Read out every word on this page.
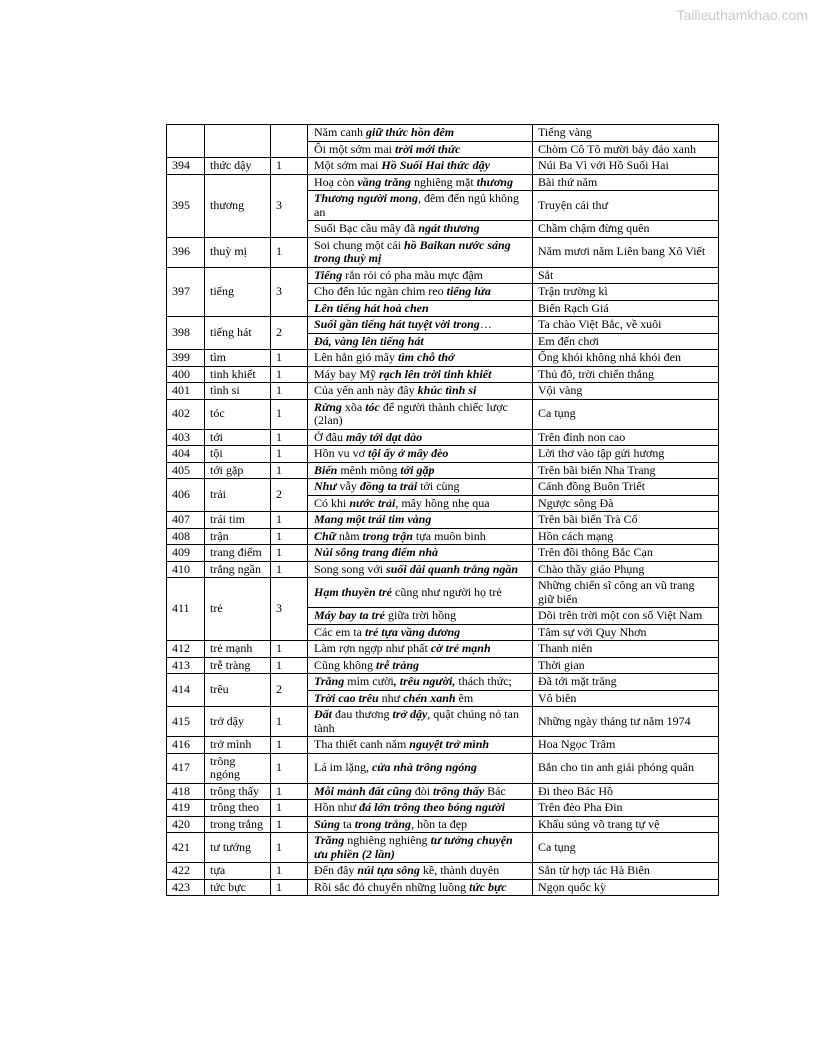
Tailieuthamkhao.com
			Năm canh giữ thức hồn đêm	Tiếng vàng
			Ôi một sớm mai trời mới thức	Chòm Cô Tô mười bảy đảo xanh
394	thức dậy	1	Một sớm mai Hồ Suối Hai thức dậy	Núi Ba Vì với Hồ Suối Hai
395	thương	3	Hoạ còn vầng trăng nghiêng mặt thương	Bài thứ năm
			Thương người mong, đêm đến ngủ không an	Truyện cái thư
			Suối Bạc cầu mây đã ngát thương	Chầm chậm đừng quên
396	thuỳ mị	1	Soi chung một cái hồ Baikan nước sáng trong thuỳ mị	Năm mươi năm Liên bang Xô Viết
397	tiếng	3	Tiếng rắn rỏi có pha màu mực đậm	Sắt
			Cho đến lúc ngàn chim reo tiếng lửa	Trận trường kì
			Lên tiếng hát hoà chen	Biển Rạch Giá
398	tiếng hát	2	Suối gần tiếng hát tuyệt vời trong…	Ta chào Việt Bắc, về xuôi
			Đá, vàng lên tiếng hát	Em đến chơi
399	tìm	1	Lên hẳn gió mây tìm chỗ thở	Ống khói không nhả khói đen
400	tinh khiết	1	Máy bay Mỹ rạch lên trời tinh khiết	Thủ đô, trời chiến thắng
401	tình si	1	Của yến anh này đây khúc tình si	Vội vàng
402	tóc	1	Rừng xõa tóc để người thành chiếc lược (2lan)	Ca tụng
403	tới	1	Ở đâu mây tới dạt dào	Trên đỉnh non cao
404	tội	1	Hồn vu vơ tội ấy ở mây đèo	Lời thơ vào tập gửi hương
405	tới gặp	1	Biển mênh mông tới gặp	Trên bãi biển Nha Trang
406	trải	2	Như vẫy đồng ta trải tới cùng	Cánh đồng Buôn Triết
			Có khi nước trải, mây hồng nhẹ qua	Ngược sông Đà
407	trái tim	1	Mang một trái tim vàng	Trên bãi biển Trà Cổ
408	trận	1	Chữ nằm trong trận tựa muôn binh	Hồn cách mạng
409	trang điểm	1	Núi sông trang điểm nhà	Trên đồi thông Bắc Cạn
410	trắng ngần	1	Song song với suối dài quanh trắng ngần	Chào thầy giáo Phụng
411	trẻ	3	Hạm thuyền trẻ cũng như người họ trẻ	Những chiến sĩ công an vũ trang giữ biển
			Máy bay ta trẻ giữa trời hồng	Dõi trên trời một con số Việt Nam
			Các em ta trẻ tựa vầng dương	Tâm sự với Quy Nhơn
412	trẻ mạnh	1	Làm rợn ngợp như phất cờ trẻ mạnh	Thanh niên
413	trễ tràng	1	Cũng không trễ tràng	Thời gian
414	trêu	2	Trăng mỉm cười, trêu người, thách thức;	Đã tới mặt trăng
			Trời cao trêu như chén xanh êm	Vô biên
415	trở dậy	1	Đất đau thương trở dậy, quật chúng nó tan tành	Những ngày tháng tư năm 1974
416	trở mình	1	Tha thiết canh năm nguyệt trở mình	Hoa Ngọc Trâm
417	trông ngóng	1	Lá im lặng, cửa nhà trông ngóng	Bắn cho tin anh giải phóng quân
418	trông thấy	1	Mỗi mảnh đất cũng đòi trông thấy Bác	Đi theo Bác Hồ
419	trông theo	1	Hồn như đá lớn trông theo bóng người	Trên đèo Pha Đin
420	trong trắng	1	Súng ta trong trắng, hồn ta đẹp	Khẩu súng võ trang tự vệ
421	tư tưởng	1	Trăng nghiêng nghiêng tư tưởng chuyện ưu phiền (2 lần)	Ca tụng
422	tựa	1	Đến đây núi tựa sông kề, thành duyên	Sắn từ hợp tác Hà Biên
423	tức bực	1	Rồi sắc đỏ chuyển những luồng tức bực	Ngọn quốc kỳ
